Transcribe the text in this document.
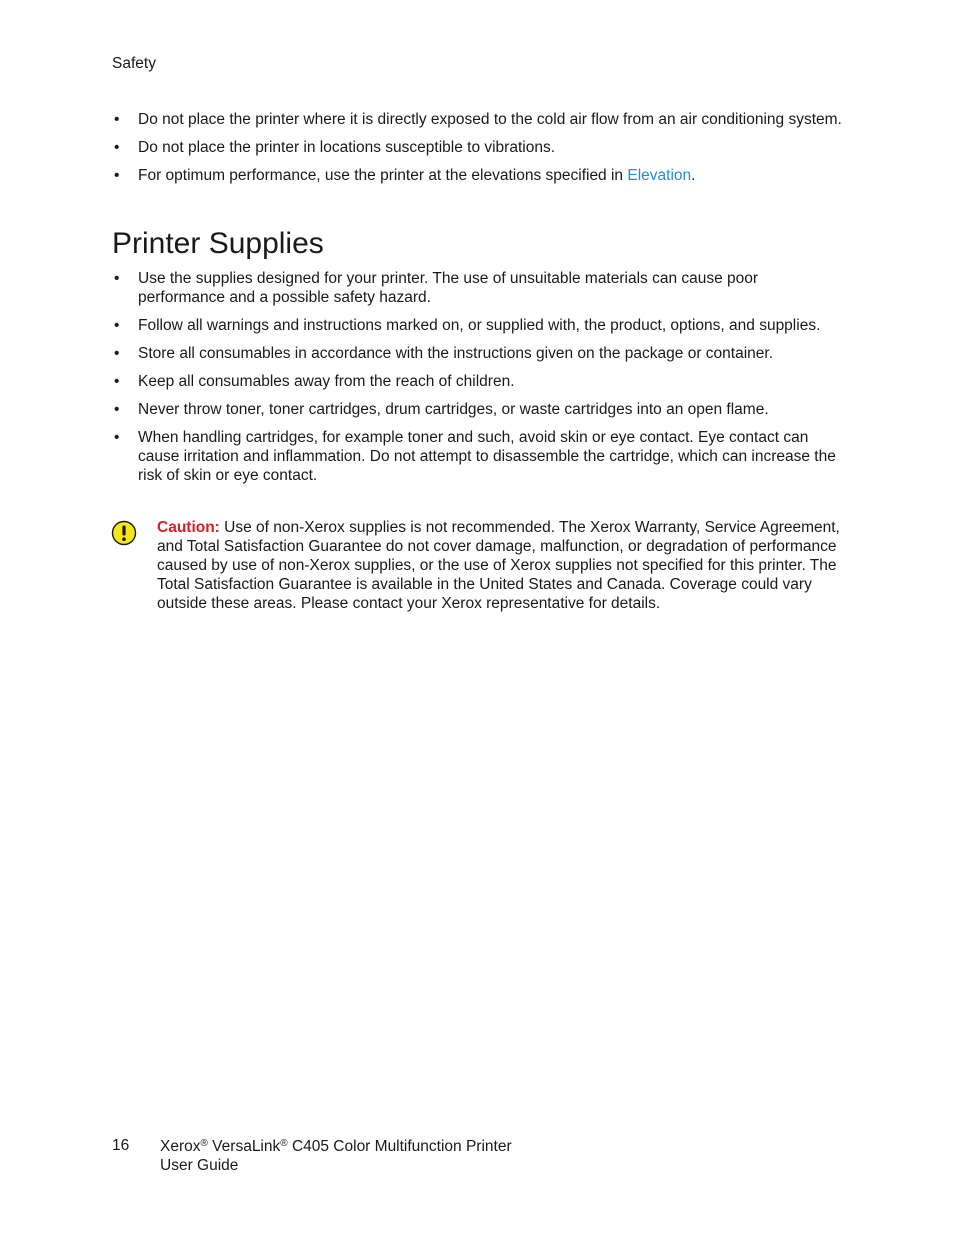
Safety
• Do not place the printer where it is directly exposed to the cold air flow from an air conditioning system.
• Do not place the printer in locations susceptible to vibrations.
• For optimum performance, use the printer at the elevations specified in Elevation.
Printer Supplies
• Use the supplies designed for your printer. The use of unsuitable materials can cause poor performance and a possible safety hazard.
• Follow all warnings and instructions marked on, or supplied with, the product, options, and supplies.
• Store all consumables in accordance with the instructions given on the package or container.
• Keep all consumables away from the reach of children.
• Never throw toner, toner cartridges, drum cartridges, or waste cartridges into an open flame.
• When handling cartridges, for example toner and such, avoid skin or eye contact. Eye contact can cause irritation and inflammation. Do not attempt to disassemble the cartridge, which can increase the risk of skin or eye contact.
Caution: Use of non-Xerox supplies is not recommended. The Xerox Warranty, Service Agreement, and Total Satisfaction Guarantee do not cover damage, malfunction, or degradation of performance caused by use of non-Xerox supplies, or the use of Xerox supplies not specified for this printer. The Total Satisfaction Guarantee is available in the United States and Canada. Coverage could vary outside these areas. Please contact your Xerox representative for details.
16 Xerox® VersaLink® C405 Color Multifunction Printer
User Guide
